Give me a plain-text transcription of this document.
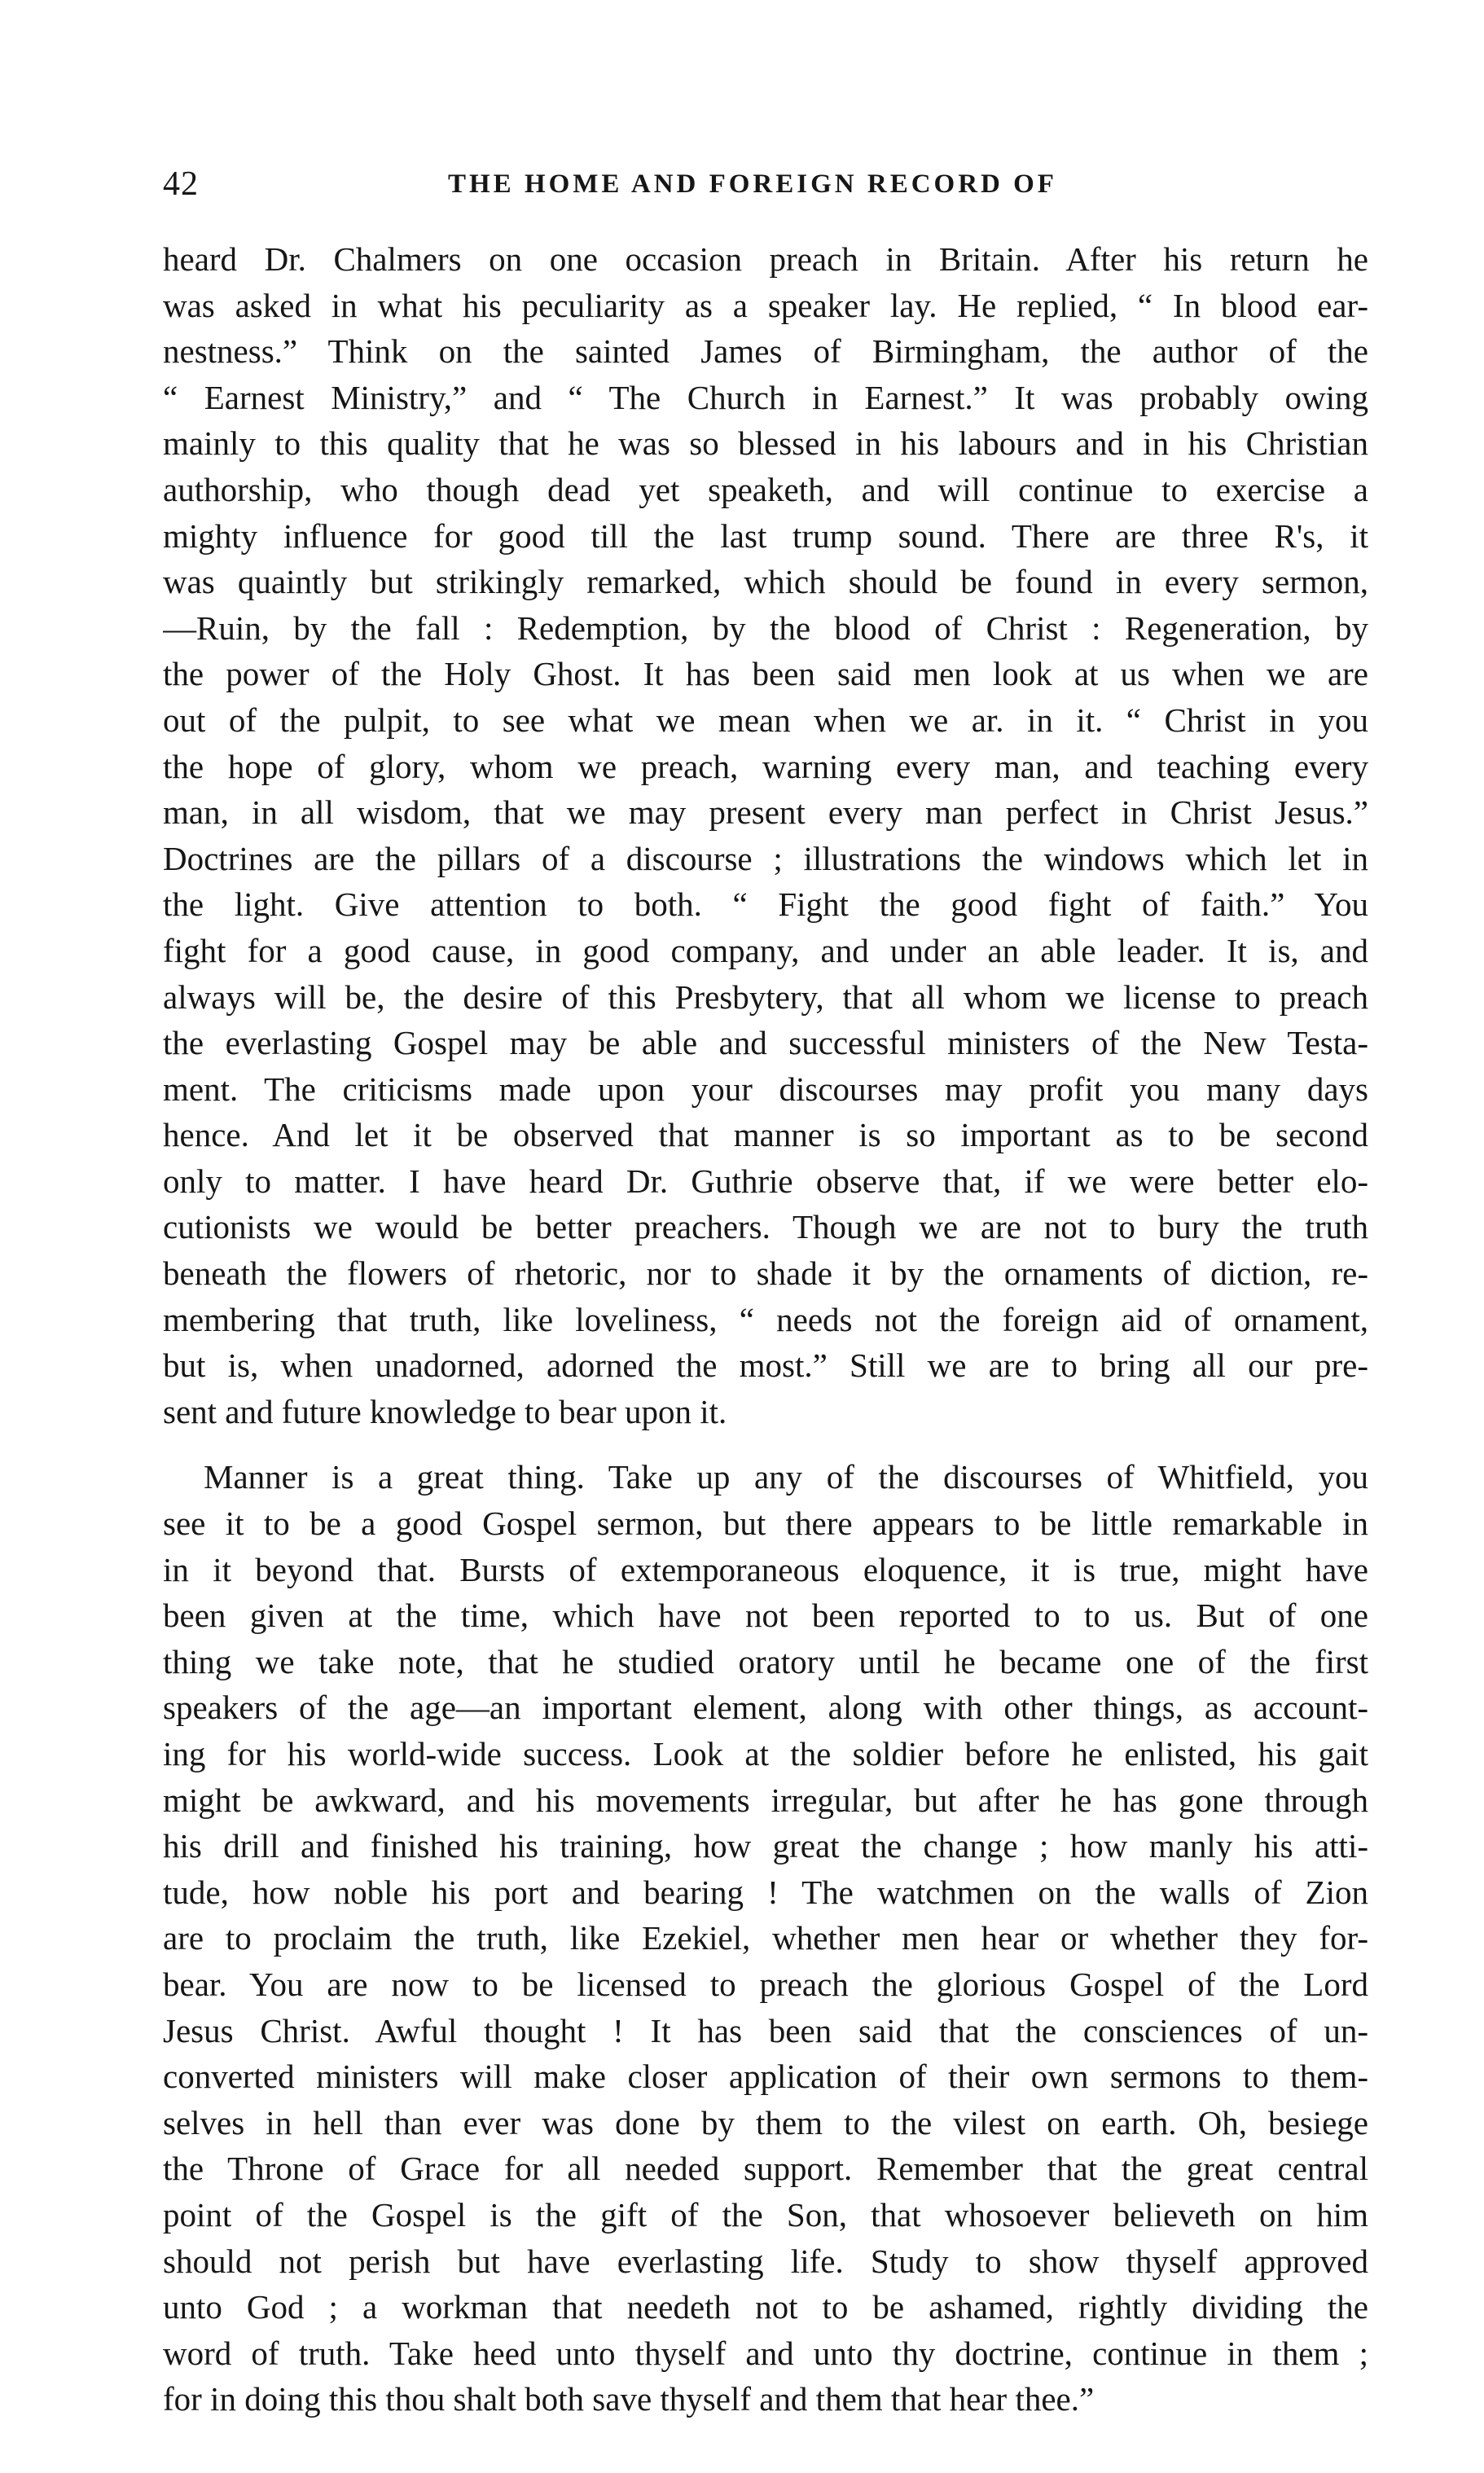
42	THE HOME AND FOREIGN RECORD OF
heard Dr. Chalmers on one occasion preach in Britain. After his return he
was asked in what his peculiarity as a speaker lay. He replied, “ In blood ear-
nestness.” Think on the sainted James of Birmingham, the author of the
“ Earnest Ministry,” and “ The Church in Earnest.” It was probably owing
mainly to this quality that he was so blessed in his labours and in his Christian
authorship, who though dead yet speaketh, and will continue to exercise a
mighty influence for good till the last trump sound. There are three R's, it
was quaintly but strikingly remarked, which should be found in every sermon,
—Ruin, by the fall : Redemption, by the blood of Christ : Regeneration, by
the power of the Holy Ghost. It has been said men look at us when we are
out of the pulpit, to see what we mean when we ar. in it. “ Christ in you
the hope of glory, whom we preach, warning every man, and teaching every
man, in all wisdom, that we may present every man perfect in Christ Jesus.”
Doctrines are the pillars of a discourse ; illustrations the windows which let in
the light. Give attention to both. “ Fight the good fight of faith.” You
fight for a good cause, in good company, and under an able leader. It is, and
always will be, the desire of this Presbytery, that all whom we license to preach
the everlasting Gospel may be able and successful ministers of the New Testa-
ment. The criticisms made upon your discourses may profit you many days
hence. And let it be observed that manner is so important as to be second
only to matter. I have heard Dr. Guthrie observe that, if we were better elo-
cutionists we would be better preachers. Though we are not to bury the truth
beneath the flowers of rhetoric, nor to shade it by the ornaments of diction, re-
membering that truth, like loveliness, “ needs not the foreign aid of ornament,
but is, when unadorned, adorned the most.” Still we are to bring all our pre-
sent and future knowledge to bear upon it.
Manner is a great thing. Take up any of the discourses of Whitfield, you
see it to be a good Gospel sermon, but there appears to be little remarkable in
in it beyond that. Bursts of extemporaneous eloquence, it is true, might have
been given at the time, which have not been reported to to us. But of one
thing we take note, that he studied oratory until he became one of the first
speakers of the age—an important element, along with other things, as account-
ing for his world-wide success. Look at the soldier before he enlisted, his gait
might be awkward, and his movements irregular, but after he has gone through
his drill and finished his training, how great the change ; how manly his atti-
tude, how noble his port and bearing ! The watchmen on the walls of Zion
are to proclaim the truth, like Ezekiel, whether men hear or whether they for-
bear. You are now to be licensed to preach the glorious Gospel of the Lord
Jesus Christ. Awful thought ! It has been said that the consciences of un-
converted ministers will make closer application of their own sermons to them-
selves in hell than ever was done by them to the vilest on earth. Oh, besiege
the Throne of Grace for all needed support. Remember that the great central
point of the Gospel is the gift of the Son, that whosoever believeth on him
should not perish but have everlasting life. Study to show thyself approved
unto God ; a workman that needeth not to be ashamed, rightly dividing the
word of truth. Take heed unto thyself and unto thy doctrine, continue in them ;
for in doing this thou shalt both save thyself and them that hear thee.”
